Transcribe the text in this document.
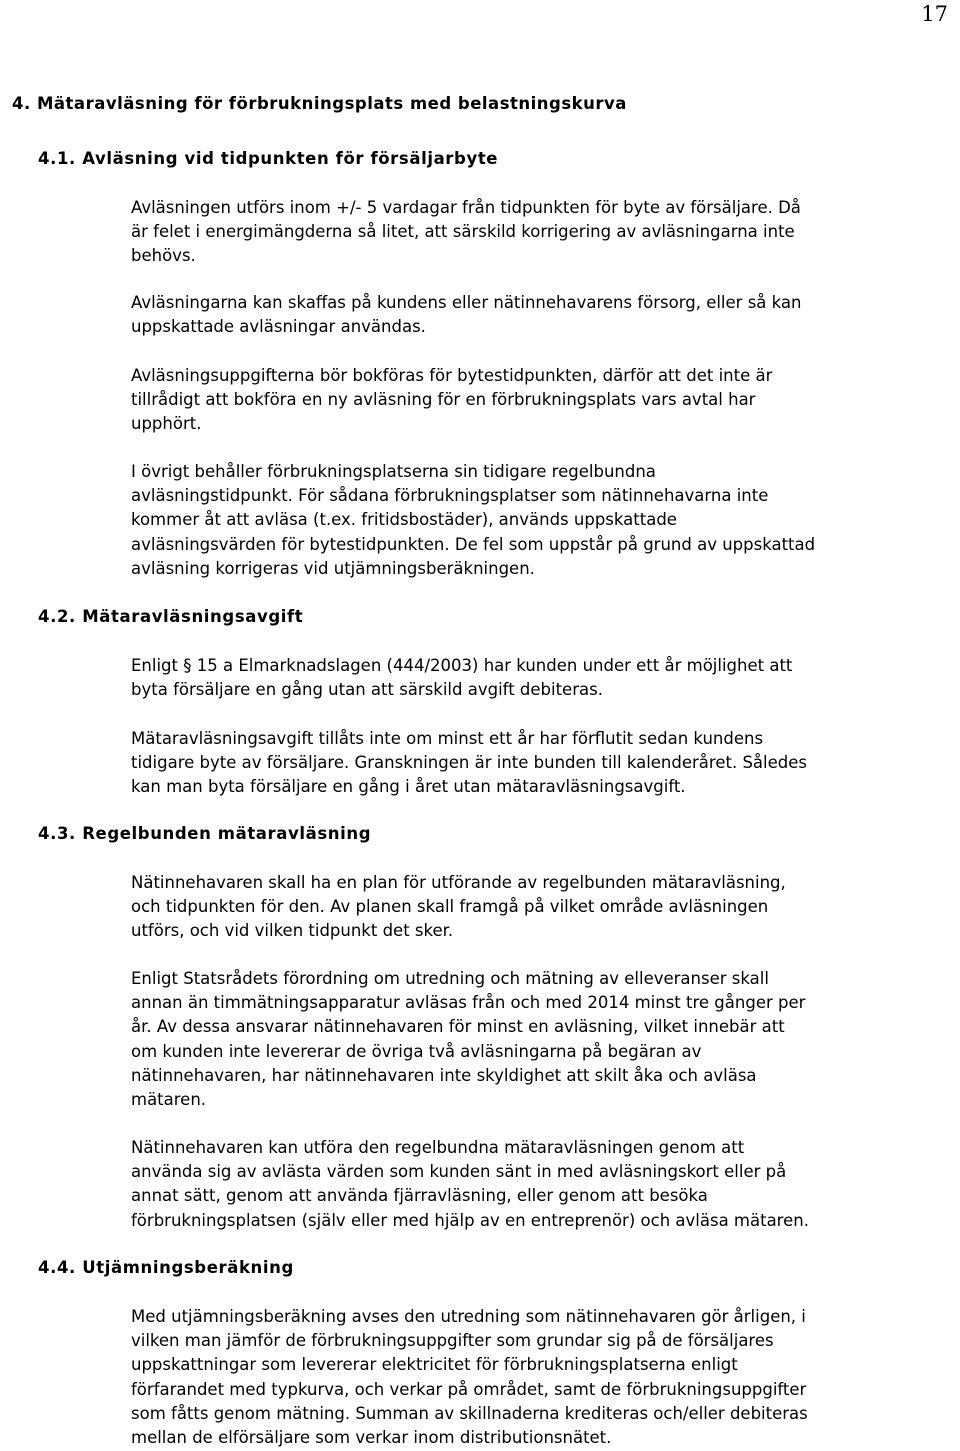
17
4. Mätaravläsning för förbrukningsplats med belastningskurva
4.1. Avläsning vid tidpunkten för försäljarbyte
Avläsningen utförs inom +/- 5 vardagar från tidpunkten för byte av försäljare. Då
är felet i energimängderna så litet, att särskild korrigering av avläsningarna inte
behövs.
Avläsningarna kan skaffas på kundens eller nätinnehavarens försorg, eller så kan
uppskattade avläsningar användas.
Avläsningsuppgifterna bör bokföras för bytestidpunkten, därför att det inte är
tillrådigt att bokföra en ny avläsning för en förbrukningsplats vars avtal har
upphört.
I övrigt behåller förbrukningsplatserna sin tidigare regelbundna
avläsningstidpunkt. För sådana förbrukningsplatser som nätinnehavarna inte
kommer åt att avläsa (t.ex. fritidsbostäder), används uppskattade
avläsningsvärden för bytestidpunkten. De fel som uppstår på grund av uppskattad
avläsning korrigeras vid utjämningsberäkningen.
4.2. Mätaravläsningsavgift
Enligt § 15 a Elmarknadslagen (444/2003) har kunden under ett år möjlighet att
byta försäljare en gång utan att särskild avgift debiteras.
Mätaravläsningsavgift tillåts inte om minst ett år har förflutit sedan kundens
tidigare byte av försäljare. Granskningen är inte bunden till kalenderåret. Således
kan man byta försäljare en gång i året utan mätaravläsningsavgift.
4.3. Regelbunden mätaravläsning
Nätinnehavaren skall ha en plan för utförande av regelbunden mätaravläsning,
och tidpunkten för den. Av planen skall framgå på vilket område avläsningen
utförs, och vid vilken tidpunkt det sker.
Enligt Statsrådets förordning om utredning och mätning av elleveranser skall
annan än timmätningsapparatur avläsas från och med 2014 minst tre gånger per
år. Av dessa ansvarar nätinnehavaren för minst en avläsning, vilket innebär att
om kunden inte levererar de övriga två avläsningarna på begäran av
nätinnehavaren, har nätinnehavaren inte skyldighet att skilt åka och avläsa
mätaren.
Nätinnehavaren kan utföra den regelbundna mätaravläsningen genom att
använda sig av avlästa värden som kunden sänt in med avläsningskort eller på
annat sätt, genom att använda fjärravläsning, eller genom att besöka
förbrukningsplatsen (själv eller med hjälp av en entreprenör) och avläsa mätaren.
4.4. Utjämningsberäkning
Med utjämningsberäkning avses den utredning som nätinnehavaren gör årligen, i
vilken man jämför de förbrukningsuppgifter som grundar sig på de försäljares
uppskattningar som levererar elektricitet för förbrukningsplatserna enligt
förfarandet med typkurva, och verkar på området, samt de förbrukningsuppgifter
som fåtts genom mätning. Summan av skillnaderna krediteras och/eller debiteras
mellan de elförsäljare som verkar inom distributionsnätet.
